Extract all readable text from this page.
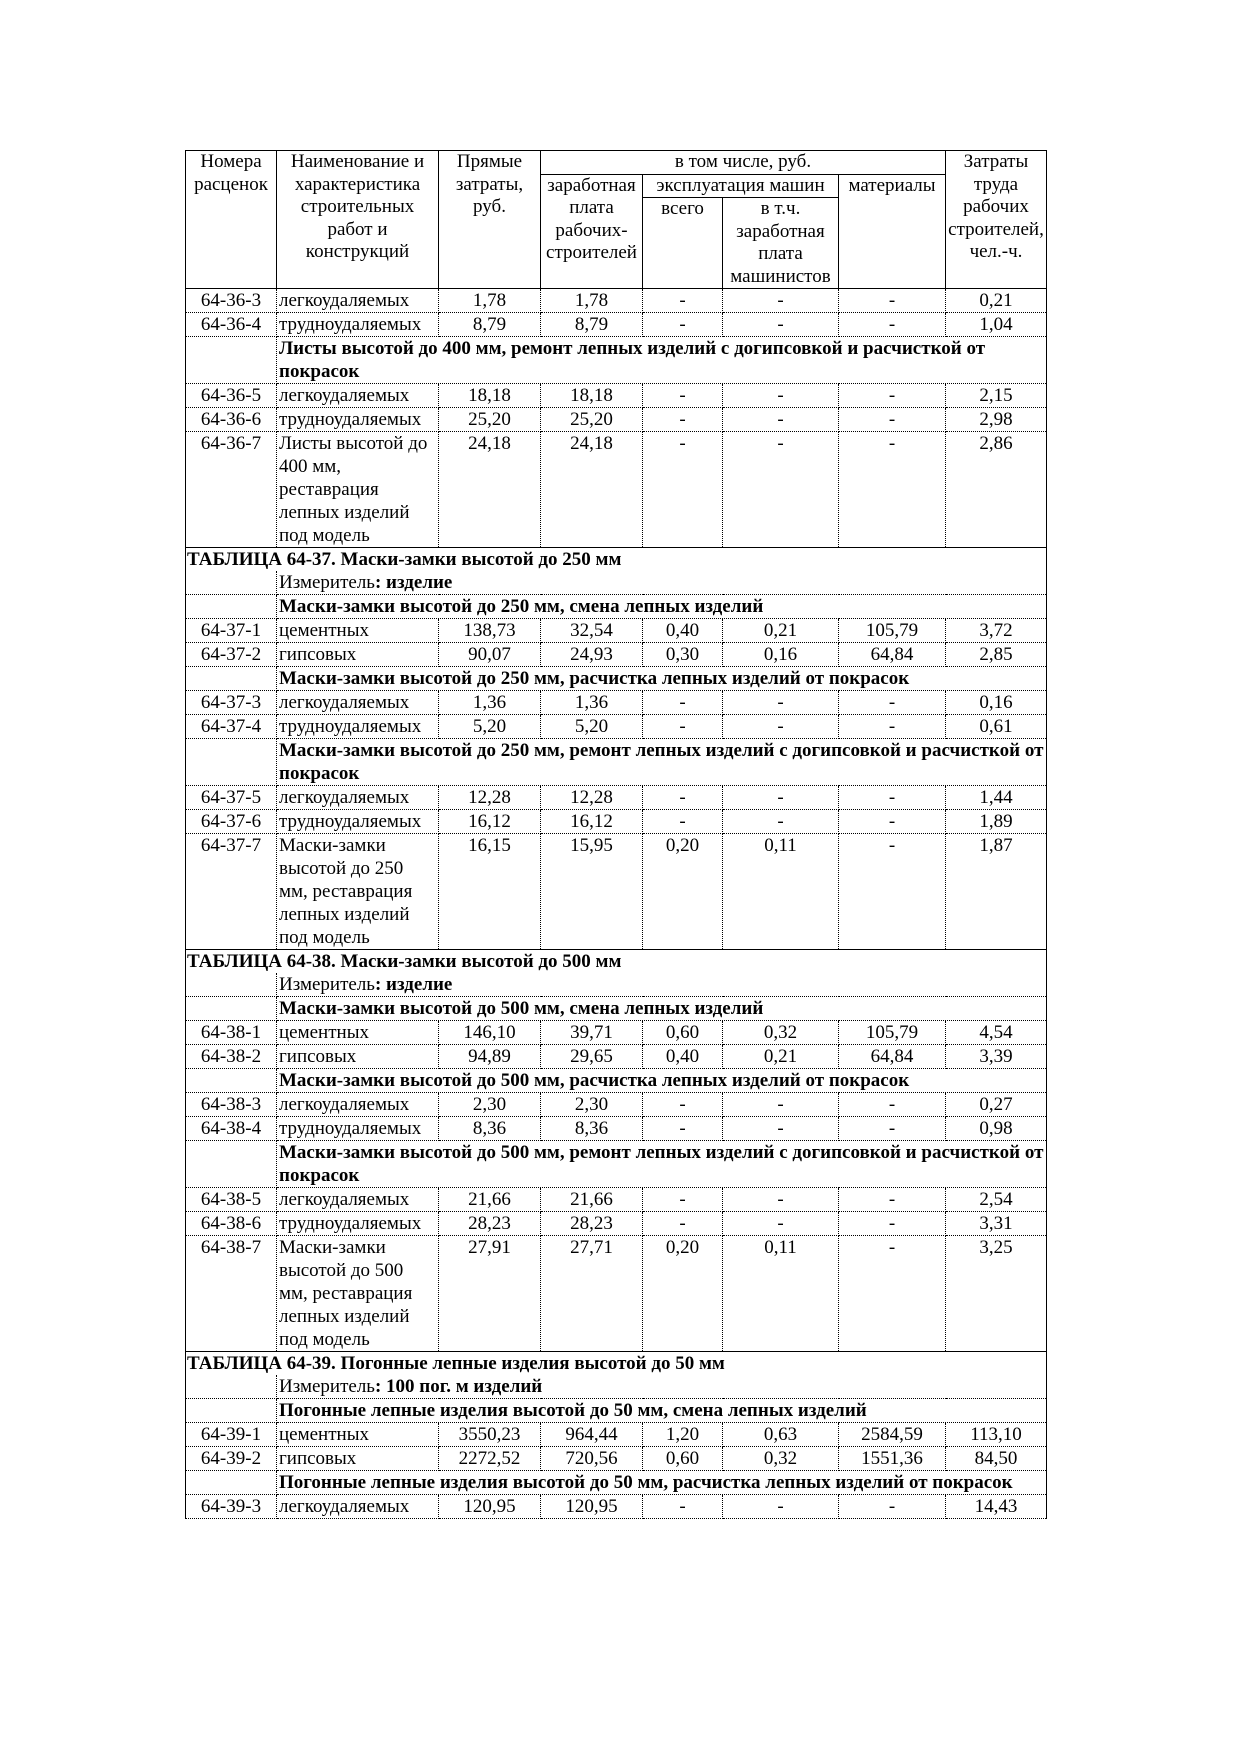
Номера расценок	Наименование и характеристика строительных работ и конструкций	Прямые затраты, руб.	в том числе, руб.				Затраты труда рабочих строителей, чел.-ч.
			заработная плата рабочих-строителей	эксплуатация машин		материалы	
				всего	в т.ч. заработная плата машинистов		

64-36-3	легкоудаляемых	1,78	1,78	-	-	-	0,21
64-36-4	трудноудаляемых	8,79	8,79	-	-	-	1,04
	Листы высотой до 400 мм, ремонт лепных изделий с догипсовкой и расчисткой от покрасок						
64-36-5	легкоудаляемых	18,18	18,18	-	-	-	2,15
64-36-6	трудноудаляемых	25,20	25,20	-	-	-	2,98
64-36-7	Листы высотой до 400 мм, реставрация лепных изделий под модель	24,18	24,18	-	-	-	2,86
ТАБЛИЦА 64-37. Маски-замки высотой до 250 мм							
	Измеритель: изделие						
	Маски-замки высотой до 250 мм, смена лепных изделий						
64-37-1	цементных	138,73	32,54	0,40	0,21	105,79	3,72
64-37-2	гипсовых	90,07	24,93	0,30	0,16	64,84	2,85
	Маски-замки высотой до 250 мм, расчистка лепных изделий от покрасок						
64-37-3	легкоудаляемых	1,36	1,36	-	-	-	0,16
64-37-4	трудноудаляемых	5,20	5,20	-	-	-	0,61
	Маски-замки высотой до 250 мм, ремонт лепных изделий с догипсовкой и расчисткой от покрасок						
64-37-5	легкоудаляемых	12,28	12,28	-	-	-	1,44
64-37-6	трудноудаляемых	16,12	16,12	-	-	-	1,89
64-37-7	Маски-замки высотой до 250 мм, реставрация лепных изделий под модель	16,15	15,95	0,20	0,11	-	1,87
ТАБЛИЦА 64-38. Маски-замки высотой до 500 мм							
	Измеритель: изделие						
	Маски-замки высотой до 500 мм, смена лепных изделий						
64-38-1	цементных	146,10	39,71	0,60	0,32	105,79	4,54
64-38-2	гипсовых	94,89	29,65	0,40	0,21	64,84	3,39
	Маски-замки высотой до 500 мм, расчистка лепных изделий от покрасок						
64-38-3	легкоудаляемых	2,30	2,30	-	-	-	0,27
64-38-4	трудноудаляемых	8,36	8,36	-	-	-	0,98
	Маски-замки высотой до 500 мм, ремонт лепных изделий с догипсовкой и расчисткой от покрасок						
64-38-5	легкоудаляемых	21,66	21,66	-	-	-	2,54
64-38-6	трудноудаляемых	28,23	28,23	-	-	-	3,31
64-38-7	Маски-замки высотой до 500 мм, реставрация лепных изделий под модель	27,91	27,71	0,20	0,11	-	3,25
ТАБЛИЦА 64-39. Погонные лепные изделия высотой до 50 мм							
	Измеритель: 100 пог. м изделий						
	Погонные лепные изделия высотой до 50 мм, смена лепных изделий						
64-39-1	цементных	3550,23	964,44	1,20	0,63	2584,59	113,10
64-39-2	гипсовых	2272,52	720,56	0,60	0,32	1551,36	84,50
	Погонные лепные изделия высотой до 50 мм, расчистка лепных изделий от покрасок						
64-39-3	легкоудаляемых	120,95	120,95	-	-	-	14,43
